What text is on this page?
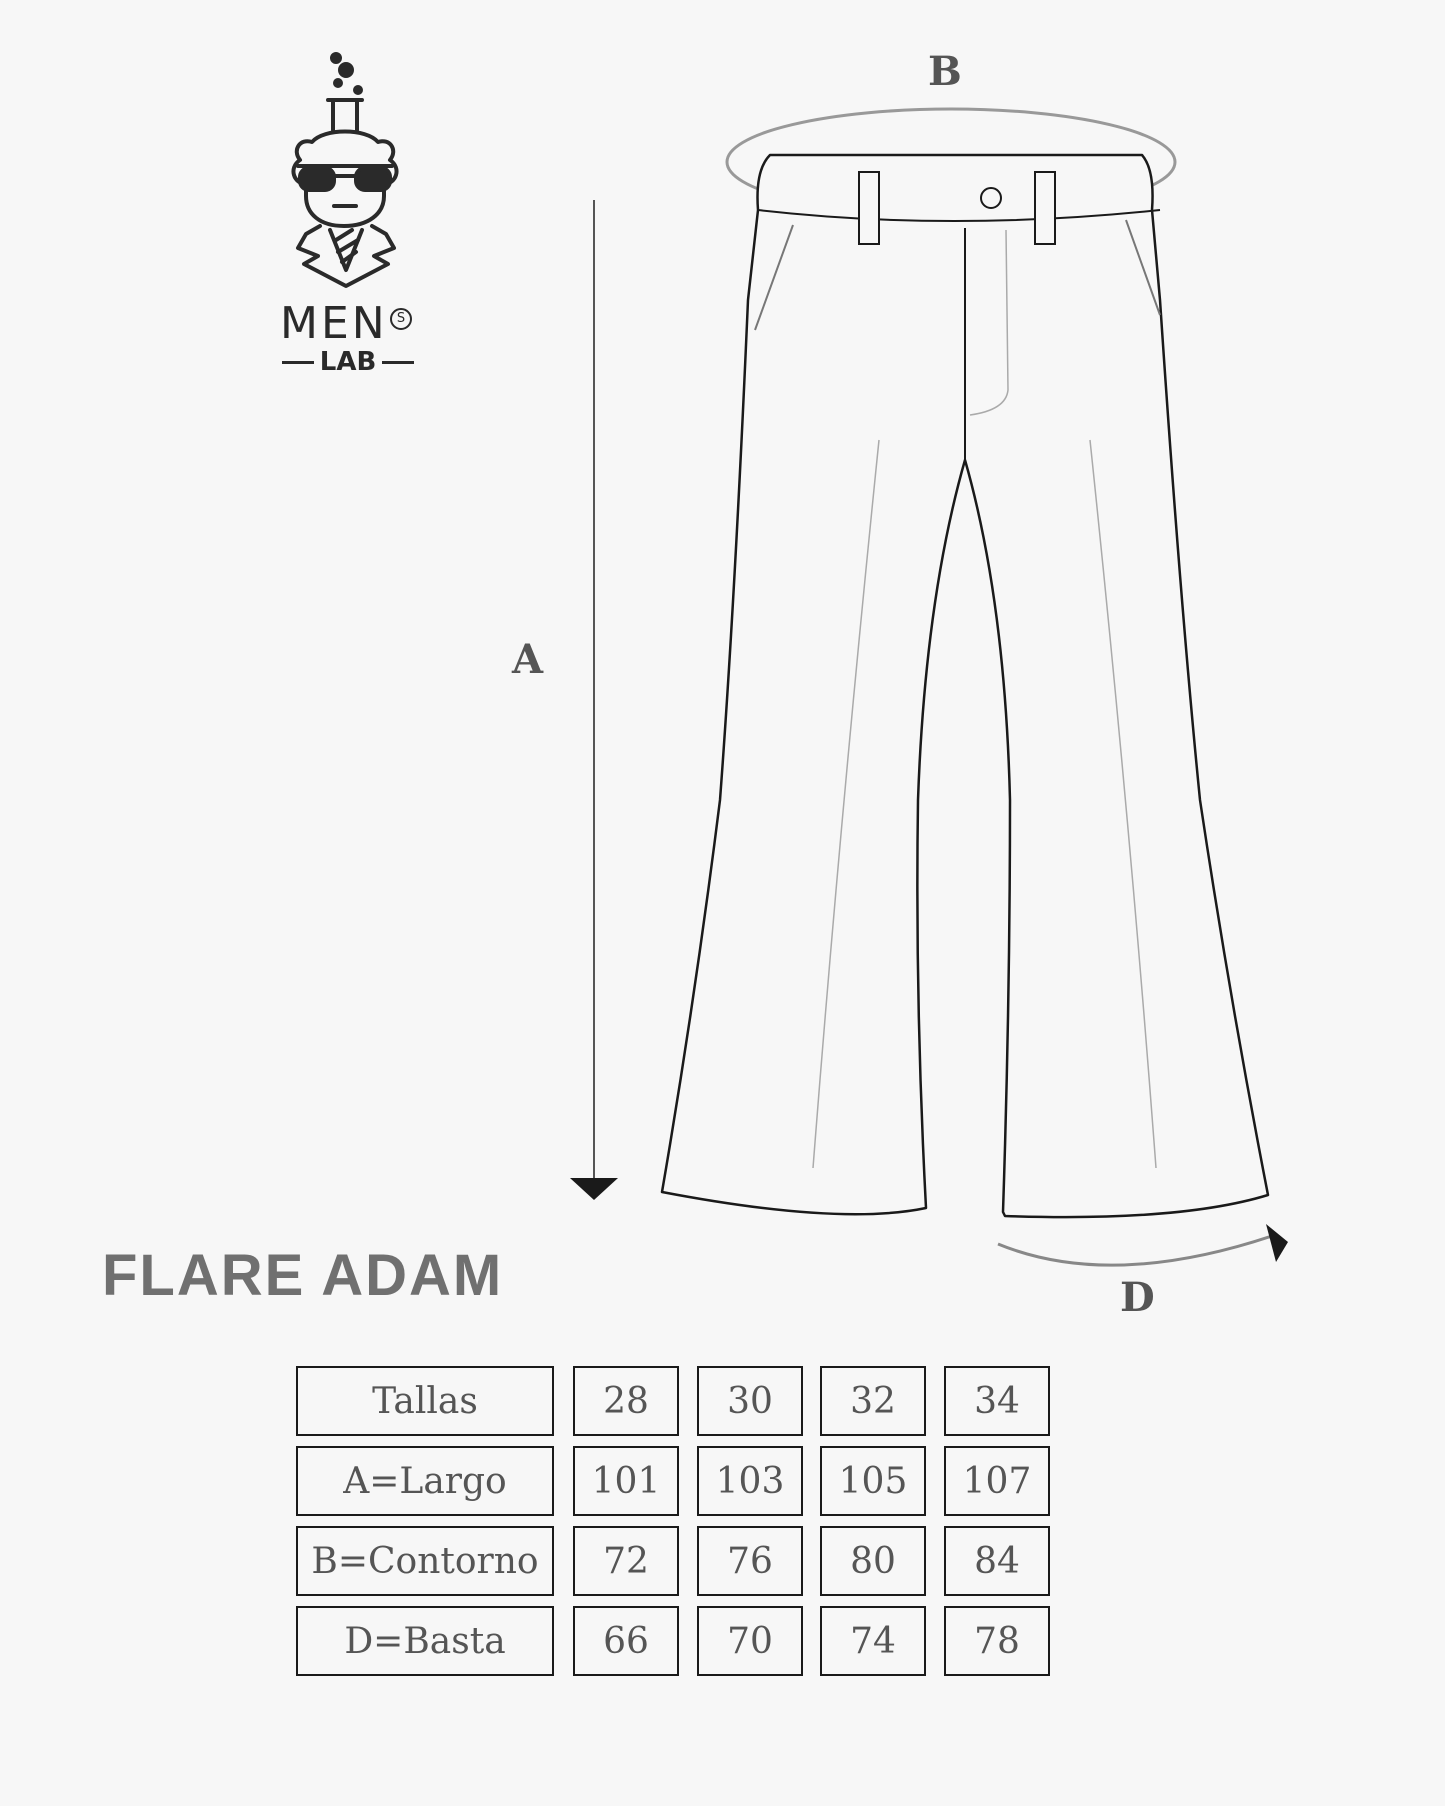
MEN S
LAB
B
A
D
FLARE ADAM
Tallas	28	30	32	34
A=Largo	101	103	105	107
B=Contorno	72	76	80	84
D=Basta	66	70	74	78
